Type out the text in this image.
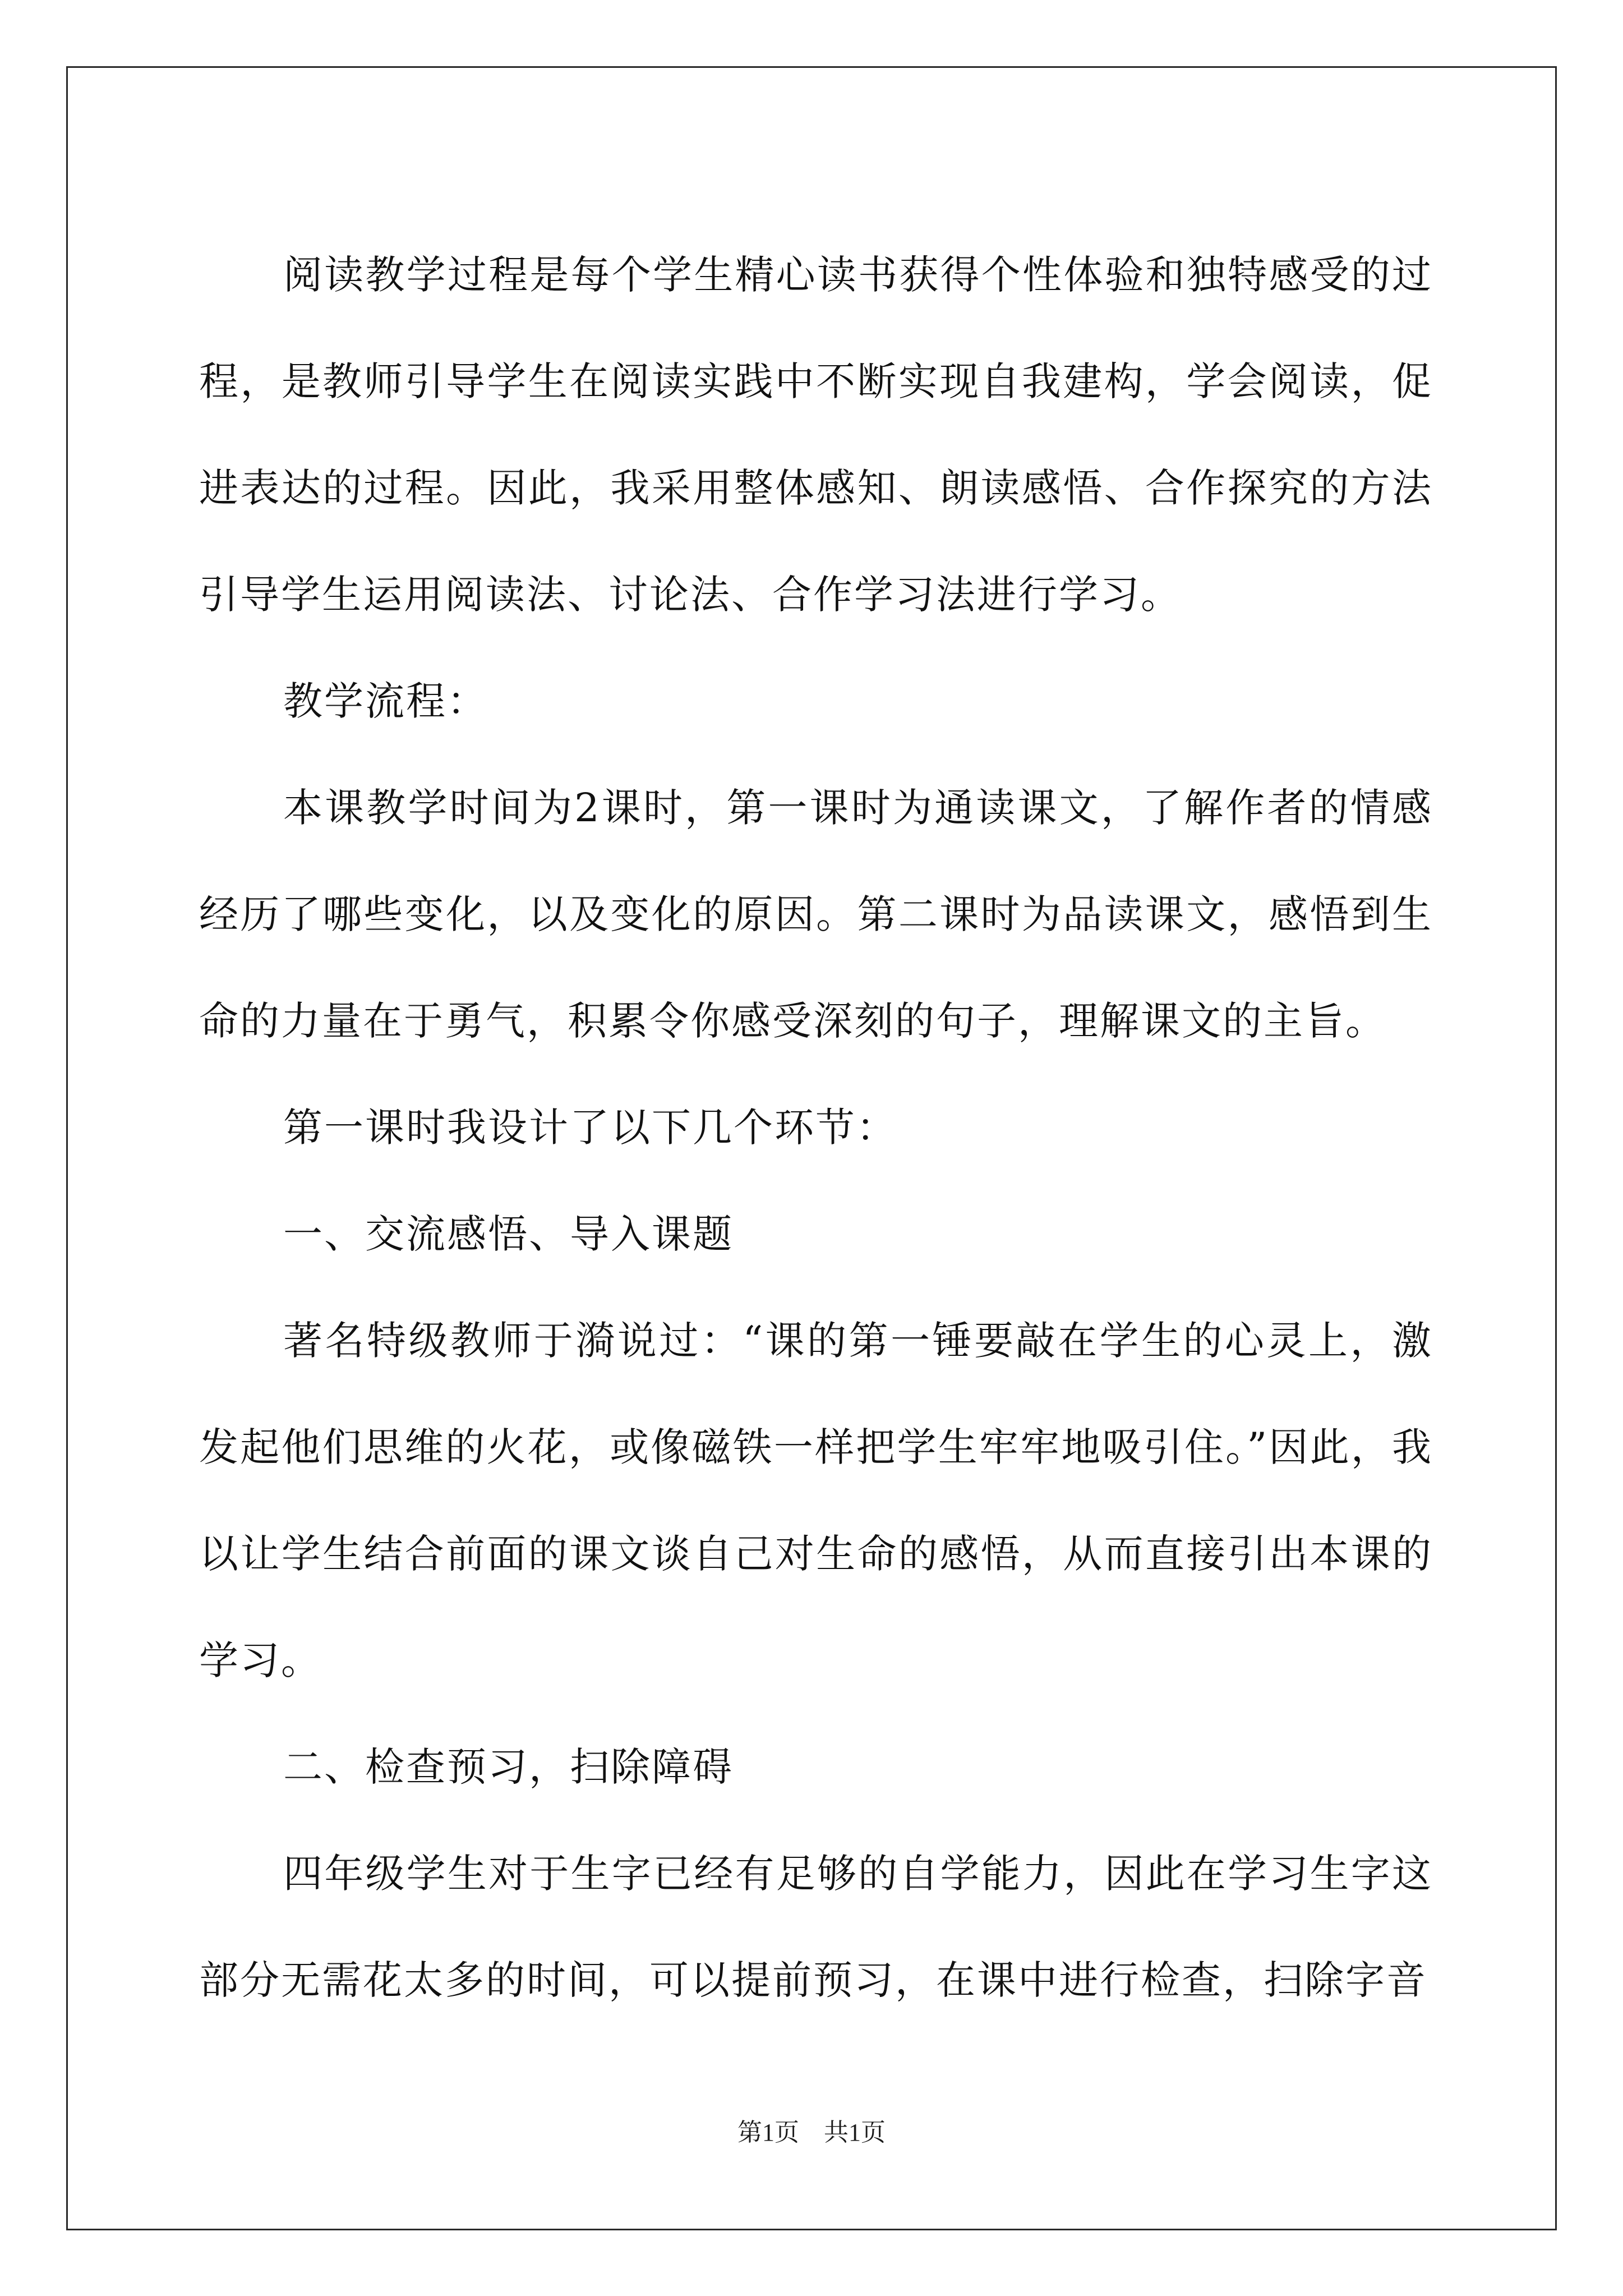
阅读教学过程是每个学生精心读书获得个性体验和独特感受的过程，是教师引导学生在阅读实践中不断实现自我建构，学会阅读，促进表达的过程。因此，我采用整体感知、朗读感悟、合作探究的方法引导学生运用阅读法、讨论法、合作学习法进行学习。

教学流程：

本课教学时间为2课时，第一课时为通读课文，了解作者的情感经历了哪些变化，以及变化的原因。第二课时为品读课文，感悟到生命的力量在于勇气，积累令你感受深刻的句子，理解课文的主旨。

第一课时我设计了以下几个环节：

一、交流感悟、导入课题

著名特级教师于漪说过：“课的第一锤要敲在学生的心灵上，激发起他们思维的火花，或像磁铁一样把学生牢牢地吸引住。”因此，我以让学生结合前面的课文谈自己对生命的感悟，从而直接引出本课的学习。

二、检查预习，扫除障碍

四年级学生对于生字已经有足够的自学能力，因此在学习生字这部分无需花太多的时间，可以提前预习，在课中进行检查，扫除字音

第1页　共1页
